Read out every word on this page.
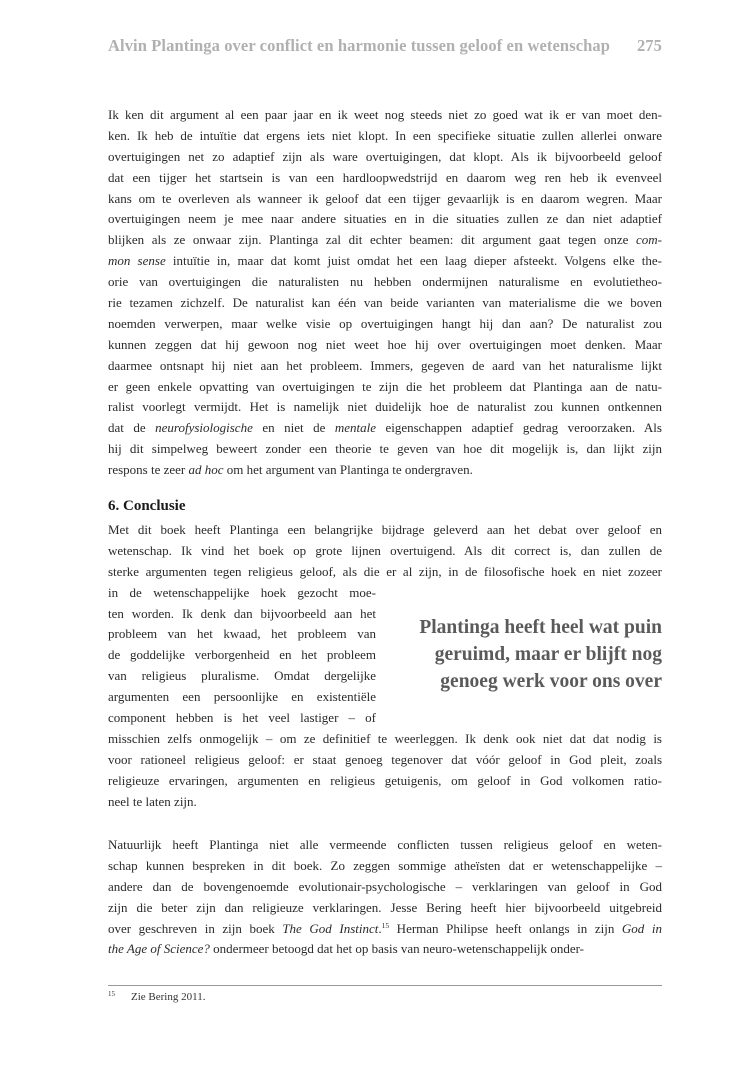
Alvin Plantinga over conflict en harmonie tussen geloof en wetenschap 275
Ik ken dit argument al een paar jaar en ik weet nog steeds niet zo goed wat ik er van moet den-
ken. Ik heb de intuïtie dat ergens iets niet klopt. In een specifieke situatie zullen allerlei onware
overtuigingen net zo adaptief zijn als ware overtuigingen, dat klopt. Als ik bijvoorbeeld geloof
dat een tijger het startsein is van een hardloopwedstrijd en daarom weg ren heb ik evenveel
kans om te overleven als wanneer ik geloof dat een tijger gevaarlijk is en daarom wegren. Maar
overtuigingen neem je mee naar andere situaties en in die situaties zullen ze dan niet adaptief
blijken als ze onwaar zijn. Plantinga zal dit echter beamen: dit argument gaat tegen onze com-
mon sense intuïtie in, maar dat komt juist omdat het een laag dieper afsteekt. Volgens elke the-
orie van overtuigingen die naturalisten nu hebben ondermijnen naturalisme en evolutietheo-
rie tezamen zichzelf. De naturalist kan één van beide varianten van materialisme die we boven
noemden verwerpen, maar welke visie op overtuigingen hangt hij dan aan? De naturalist zou
kunnen zeggen dat hij gewoon nog niet weet hoe hij over overtuigingen moet denken. Maar
daarmee ontsnapt hij niet aan het probleem. Immers, gegeven de aard van het naturalisme lijkt
er geen enkele opvatting van overtuigingen te zijn die het probleem dat Plantinga aan de natu-
ralist voorlegt vermijdt. Het is namelijk niet duidelijk hoe de naturalist zou kunnen ontkennen
dat de neurofysiologische en niet de mentale eigenschappen adaptief gedrag veroorzaken. Als
hij dit simpelweg beweert zonder een theorie te geven van hoe dit mogelijk is, dan lijkt zijn
respons te zeer ad hoc om het argument van Plantinga te ondergraven.
6. Conclusie
Met dit boek heeft Plantinga een belangrijke bijdrage geleverd aan het debat over geloof en
wetenschap. Ik vind het boek op grote lijnen overtuigend. Als dit correct is, dan zullen de
sterke argumenten tegen religieus geloof, als die er al zijn, in de filosofische hoek en niet zozeer
in de wetenschappelijke hoek gezocht moe-
ten worden. Ik denk dan bijvoorbeeld aan het
probleem van het kwaad, het probleem van
de goddelijke verborgenheid en het probleem
van religieus pluralisme. Omdat dergelijke
argumenten een persoonlijke en existentiële
component hebben is het veel lastiger – of
misschien zelfs onmogelijk – om ze definitief te weerleggen. Ik denk ook niet dat dat nodig is
voor rationeel religieus geloof: er staat genoeg tegenover dat vóór geloof in God pleit, zoals
religieuze ervaringen, argumenten en religieus getuigenis, om geloof in God volkomen ratio-
neel te laten zijn.
Plantinga heeft heel wat puin
geruimd, maar er blijft nog
genoeg werk voor ons over
Natuurlijk heeft Plantinga niet alle vermeende conflicten tussen religieus geloof en weten-
schap kunnen bespreken in dit boek. Zo zeggen sommige atheïsten dat er wetenschappelijke –
andere dan de bovengenoemde evolutionair-psychologische – verklaringen van geloof in God
zijn die beter zijn dan religieuze verklaringen. Jesse Bering heeft hier bijvoorbeeld uitgebreid
over geschreven in zijn boek The God Instinct.$^{15}$ Herman Philipse heeft onlangs in zijn God in
the Age of Science? ondermeer betoogd dat het op basis van neuro-wetenschappelijk onder-
$^{15}$ Zie Bering 2011.
